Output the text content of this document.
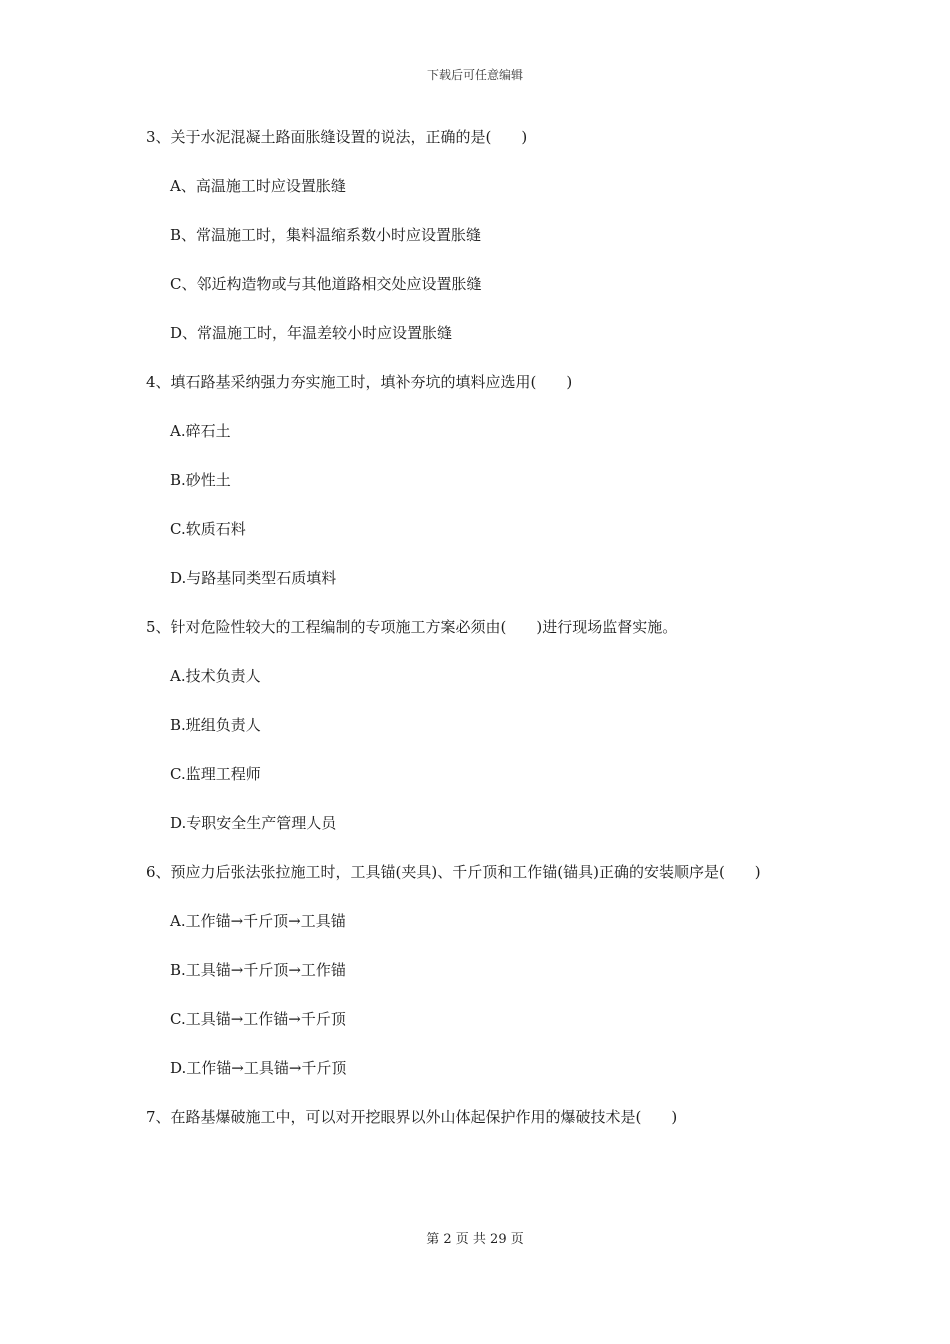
下载后可任意编辑
3、关于水泥混凝土路面胀缝设置的说法，正确的是(　　)
A、高温施工时应设置胀缝
B、常温施工时，集料温缩系数小时应设置胀缝
C、邻近构造物或与其他道路相交处应设置胀缝
D、常温施工时，年温差较小时应设置胀缝
4、填石路基采纳强力夯实施工时，填补夯坑的填料应选用(　　)
A.碎石土
B.砂性土
C.软质石料
D.与路基同类型石质填料
5、针对危险性较大的工程编制的专项施工方案必须由(　　)进行现场监督实施。
A.技术负责人
B.班组负责人
C.监理工程师
D.专职安全生产管理人员
6、预应力后张法张拉施工时，工具锚(夹具)、千斤顶和工作锚(锚具)正确的安装顺序是(　　)
A.工作锚→千斤顶→工具锚
B.工具锚→千斤顶→工作锚
C.工具锚→工作锚→千斤顶
D.工作锚→工具锚→千斤顶
7、在路基爆破施工中，可以对开挖眼界以外山体起保护作用的爆破技术是(　　)
第 2 页 共 29 页
